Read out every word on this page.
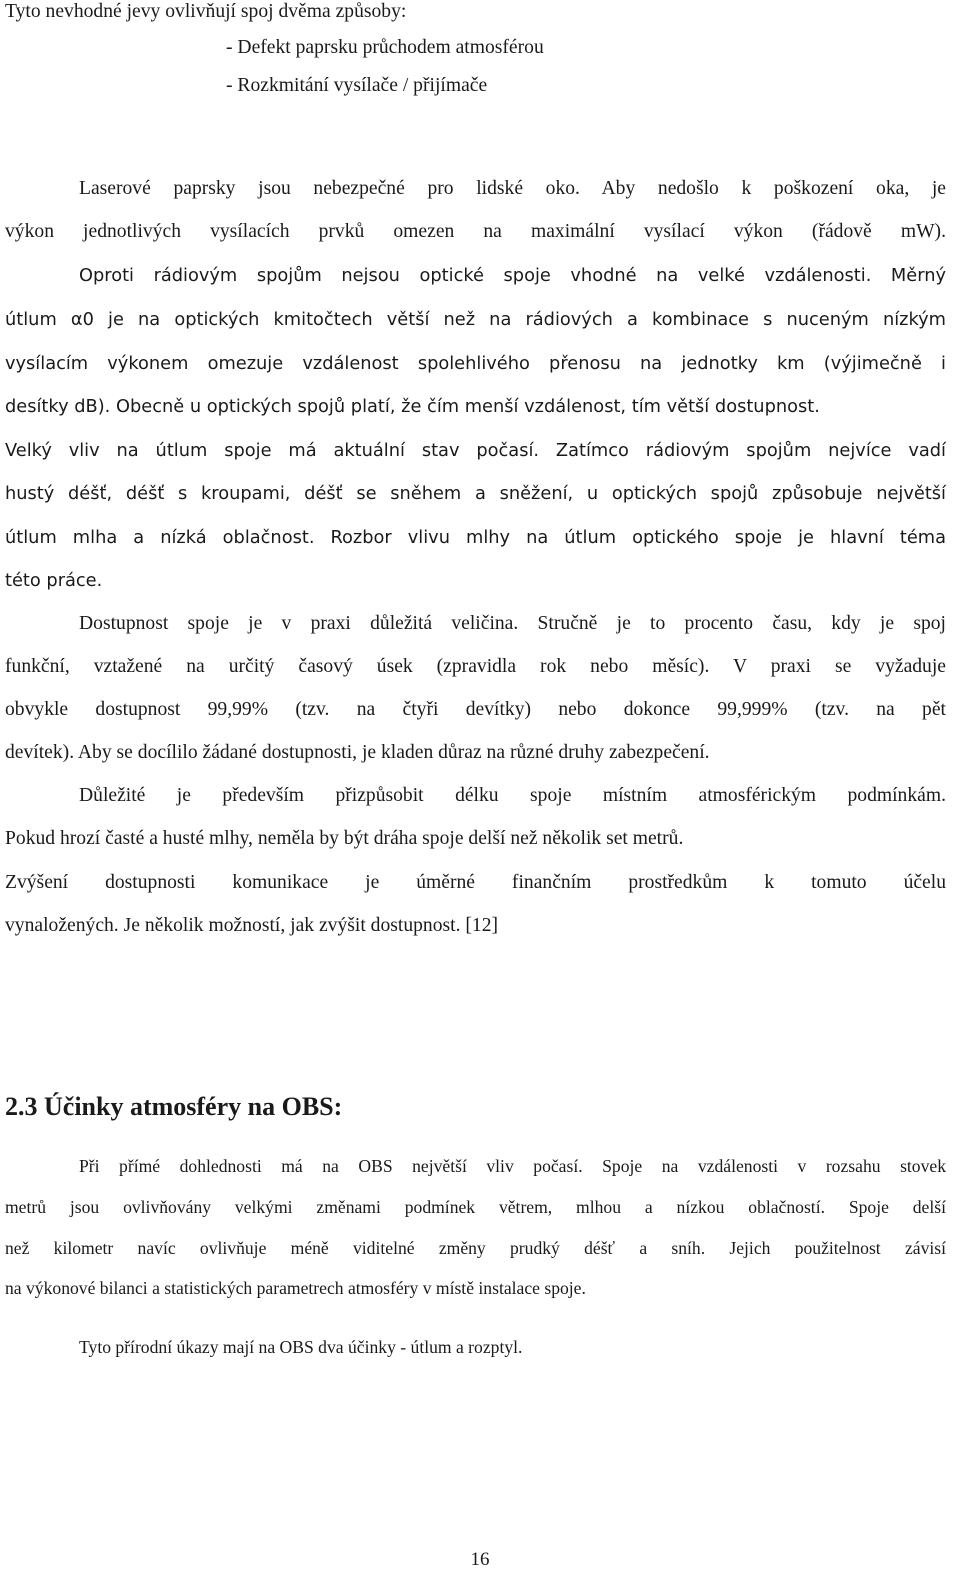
Tyto nevhodné jevy ovlivňují spoj dvěma způsoby:
- Defekt paprsku průchodem atmosférou
- Rozkmitání vysílače / přijímače
Laserové paprsky jsou nebezpečné pro lidské oko. Aby nedošlo k poškození oka, je
výkon jednotlivých vysílacích prvků omezen na maximální vysílací výkon (řádově mW).
Oproti rádiovým spojům nejsou optické spoje vhodné na velké vzdálenosti. Měrný
útlum α0 je na optických kmitočtech větší než na rádiových a kombinace s nuceným nízkým
vysílacím výkonem omezuje vzdálenost spolehlivého přenosu na jednotky km (výjimečně i
desítky dB). Obecně u optických spojů platí, že čím menší vzdálenost, tím větší dostupnost.
Velký vliv na útlum spoje má aktuální stav počasí. Zatímco rádiovým spojům nejvíce vadí
hustý déšť, déšť s kroupami, déšť se sněhem a sněžení, u optických spojů způsobuje největší
útlum mlha a nízká oblačnost. Rozbor vlivu mlhy na útlum optického spoje je hlavní téma
této práce.
Dostupnost spoje je v praxi důležitá veličina. Stručně je to procento času, kdy je spoj
funkční, vztažené na určitý časový úsek (zpravidla rok nebo měsíc). V praxi se vyžaduje
obvykle dostupnost 99,99% (tzv. na čtyři devítky) nebo dokonce 99,999% (tzv. na pět
devítek). Aby se docílilo žádané dostupnosti, je kladen důraz na různé druhy zabezpečení.
Důležité je především přizpůsobit délku spoje místním atmosférickým podmínkám.
Pokud hrozí časté a husté mlhy, neměla by být dráha spoje delší než několik set metrů.
Zvýšení dostupnosti komunikace je úměrné finančním prostředkům k tomuto účelu
vynaložených. Je několik možností, jak zvýšit dostupnost. [12]
2.3 Účinky atmosféry na OBS:
Při přímé dohlednosti má na OBS největší vliv počasí. Spoje na vzdálenosti v rozsahu stovek
metrů jsou ovlivňovány velkými změnami podmínek větrem, mlhou a nízkou oblačností. Spoje delší
než kilometr navíc ovlivňuje méně viditelné změny prudký déšť a sníh. Jejich použitelnost závisí
na výkonové bilanci a statistických parametrech atmosféry v místě instalace spoje.
Tyto přírodní úkazy mají na OBS dva účinky - útlum a rozptyl.
16
